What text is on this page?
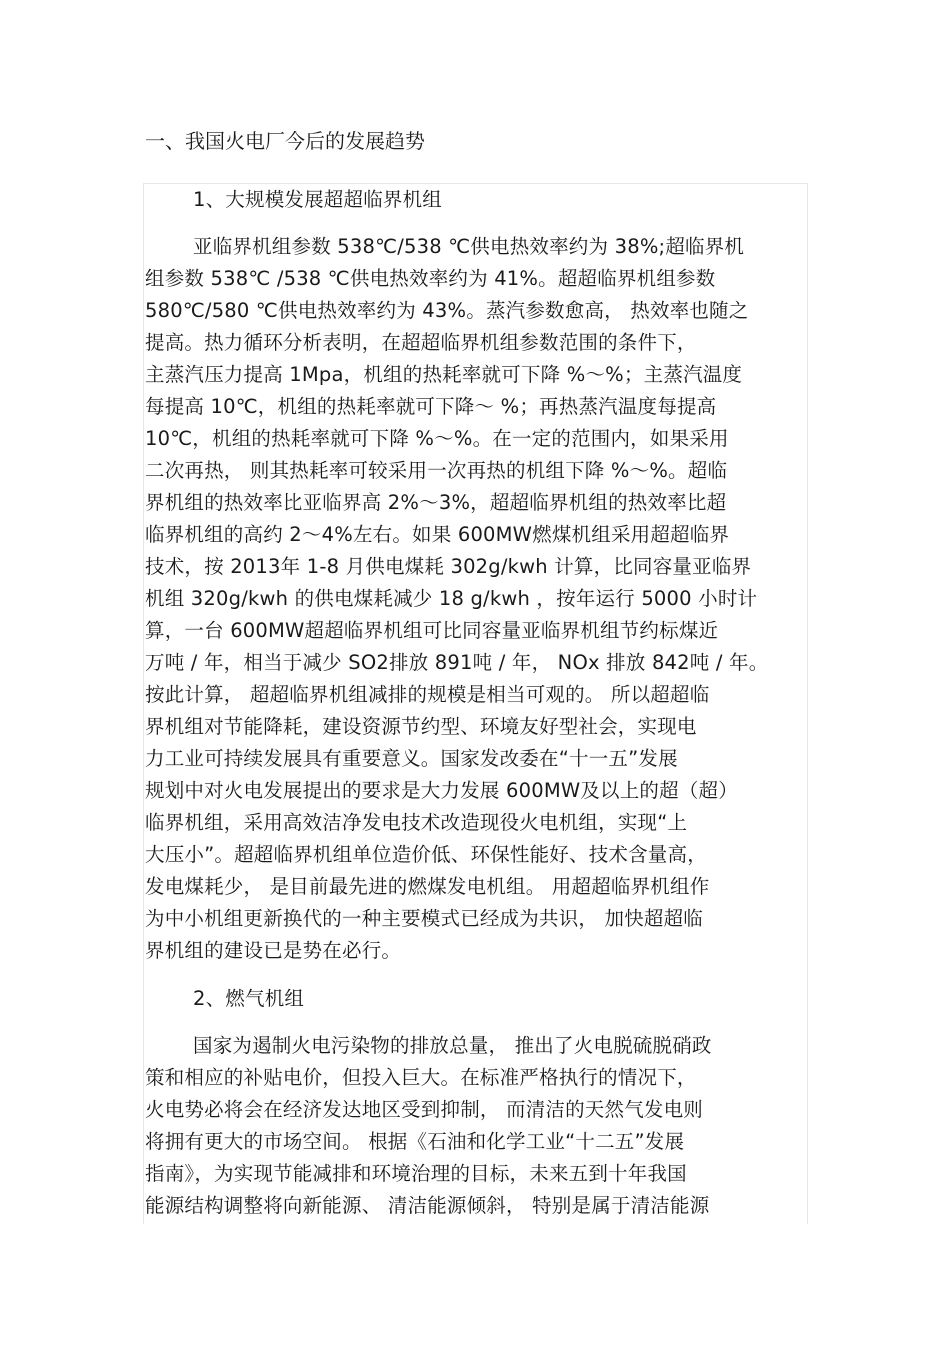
一、我国火电厂今后的发展趋势
1、大规模发展超超临界机组
亚临界机组参数 538℃/538 ℃供电热效率约为 38%;超临界机
组参数 538℃ /538 ℃供电热效率约为 41%。超超临界机组参数
580℃/580 ℃供电热效率约为 43%。蒸汽参数愈高， 热效率也随之
提高。热力循环分析表明，在超超临界机组参数范围的条件下，
主蒸汽压力提高 1Mpa，机组的热耗率就可下降 %～%；主蒸汽温度
每提高 10℃，机组的热耗率就可下降～ %；再热蒸汽温度每提高
10℃，机组的热耗率就可下降 %～%。在一定的范围内，如果采用
二次再热， 则其热耗率可较采用一次再热的机组下降 %～%。超临
界机组的热效率比亚临界高 2%～3%，超超临界机组的热效率比超
临界机组的高约 2～4%左右。如果 600MW燃煤机组采用超超临界
技术，按 2013年 1-8 月供电煤耗 302g/kwh 计算，比同容量亚临界
机组 320g/kwh 的供电煤耗减少 18 g/kwh ，按年运行 5000 小时计
算，一台 600MW超超临界机组可比同容量亚临界机组节约标煤近
万吨 / 年，相当于减少 SO2排放 891吨 / 年， NOx 排放 842吨 / 年。
按此计算， 超超临界机组减排的规模是相当可观的。 所以超超临
界机组对节能降耗，建设资源节约型、环境友好型社会，实现电
力工业可持续发展具有重要意义。国家发改委在“十一五”发展
规划中对火电发展提出的要求是大力发展 600MW及以上的超（超）
临界机组，采用高效洁净发电技术改造现役火电机组，实现“上
大压小”。超超临界机组单位造价低、环保性能好、技术含量高，
发电煤耗少， 是目前最先进的燃煤发电机组。 用超超临界机组作
为中小机组更新换代的一种主要模式已经成为共识， 加快超超临
界机组的建设已是势在必行。
2、燃气机组
国家为遏制火电污染物的排放总量， 推出了火电脱硫脱硝政
策和相应的补贴电价，但投入巨大。在标准严格执行的情况下，
火电势必将会在经济发达地区受到抑制， 而清洁的天然气发电则
将拥有更大的市场空间。 根据《石油和化学工业“十二五”发展
指南》，为实现节能减排和环境治理的目标，未来五到十年我国
能源结构调整将向新能源、 清洁能源倾斜， 特别是属于清洁能源
